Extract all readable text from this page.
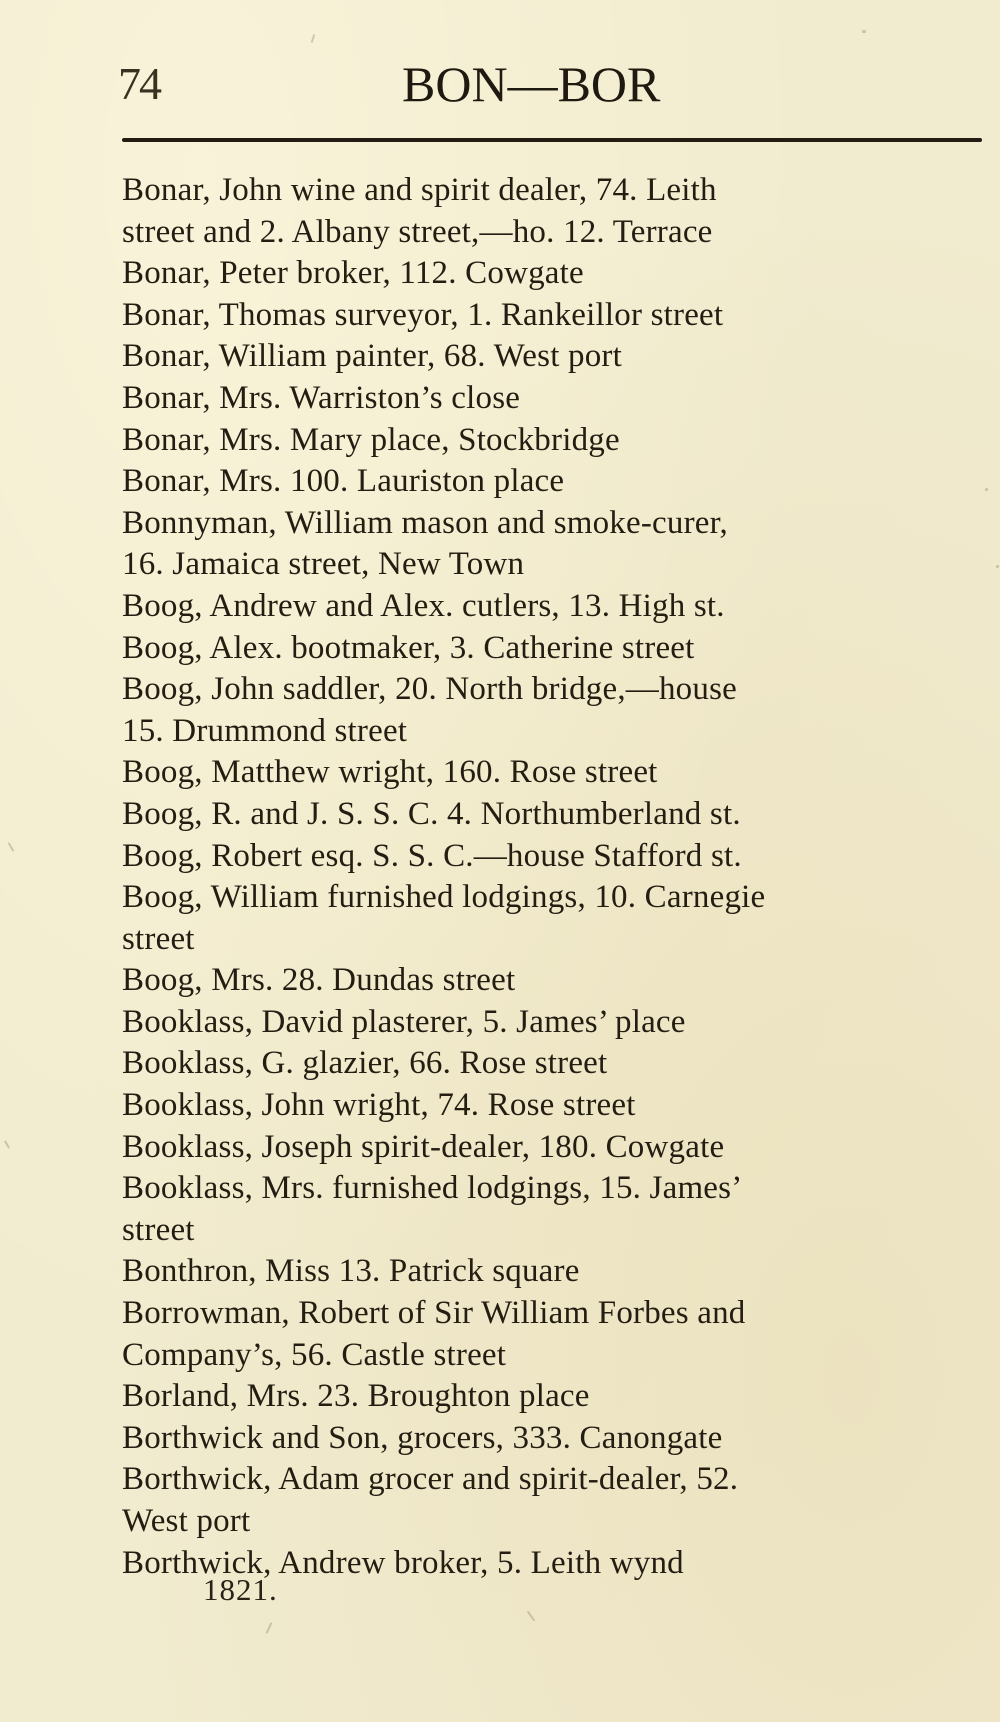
74	BON—BOR
Bonar, John wine and spirit dealer, 74. Leith
street and 2. Albany street,—ho. 12. Terrace
Bonar, Peter broker, 112. Cowgate
Bonar, Thomas surveyor, 1. Rankeillor street
Bonar, William painter, 68. West port
Bonar, Mrs. Warriston’s close
Bonar, Mrs. Mary place, Stockbridge
Bonar, Mrs. 100. Lauriston place
Bonnyman, William mason and smoke-curer,
16. Jamaica street, New Town
Boog, Andrew and Alex. cutlers, 13. High st.
Boog, Alex. bootmaker, 3. Catherine street
Boog, John saddler, 20. North bridge,—house
15. Drummond street
Boog, Matthew wright, 160. Rose street
Boog, R. and J. S. S. C. 4. Northumberland st.
Boog, Robert esq. S. S. C.—house Stafford st.
Boog, William furnished lodgings, 10. Carnegie
street
Boog, Mrs. 28. Dundas street
Booklass, David plasterer, 5. James’ place
Booklass, G. glazier, 66. Rose street
Booklass, John wright, 74. Rose street
Booklass, Joseph spirit-dealer, 180. Cowgate
Booklass, Mrs. furnished lodgings, 15. James’
street
Bonthron, Miss 13. Patrick square
Borrowman, Robert of Sir William Forbes and
Company’s, 56. Castle street
Borland, Mrs. 23. Broughton place
Borthwick and Son, grocers, 333. Canongate
Borthwick, Adam grocer and spirit-dealer, 52.
West port
Borthwick, Andrew broker, 5. Leith wynd
1821.
